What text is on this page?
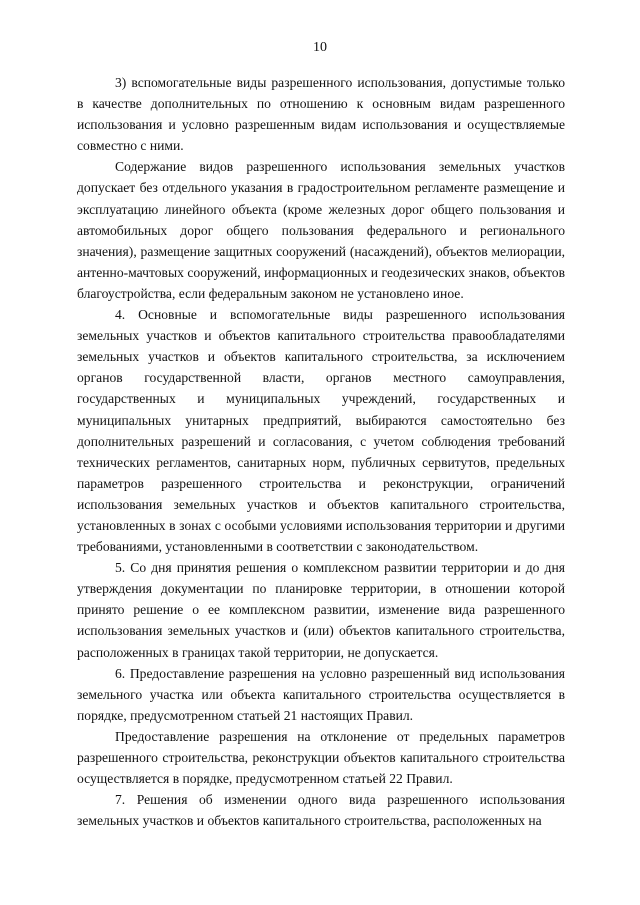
10

3) вспомогательные виды разрешенного использования, допустимые только в качестве дополнительных по отношению к основным видам разрешенного использования и условно разрешенным видам использования и осуществляемые совместно с ними.

Содержание видов разрешенного использования земельных участков допускает без отдельного указания в градостроительном регламенте размещение и эксплуатацию линейного объекта (кроме железных дорог общего пользования и автомобильных дорог общего пользования федерального и регионального значения), размещение защитных сооружений (насаждений), объектов мелиорации, антенно-мачтовых сооружений, информационных и геодезических знаков, объектов благоустройства, если федеральным законом не установлено иное.

4. Основные и вспомогательные виды разрешенного использования земельных участков и объектов капитального строительства правообладателями земельных участков и объектов капитального строительства, за исключением органов государственной власти, органов местного самоуправления, государственных и муниципальных учреждений, государственных и муниципальных унитарных предприятий, выбираются самостоятельно без дополнительных разрешений и согласования, с учетом соблюдения требований технических регламентов, санитарных норм, публичных сервитутов, предельных параметров разрешенного строительства и реконструкции, ограничений использования земельных участков и объектов капитального строительства, установленных в зонах с особыми условиями использования территории и другими требованиями, установленными в соответствии с законодательством.

5. Со дня принятия решения о комплексном развитии территории и до дня утверждения документации по планировке территории, в отношении которой принято решение о ее комплексном развитии, изменение вида разрешенного использования земельных участков и (или) объектов капитального строительства, расположенных в границах такой территории, не допускается.

6. Предоставление разрешения на условно разрешенный вид использования земельного участка или объекта капитального строительства осуществляется в порядке, предусмотренном статьей 21 настоящих Правил.

Предоставление разрешения на отклонение от предельных параметров разрешенного строительства, реконструкции объектов капитального строительства осуществляется в порядке, предусмотренном статьей 22 Правил.

7. Решения об изменении одного вида разрешенного использования земельных участков и объектов капитального строительства, расположенных на
